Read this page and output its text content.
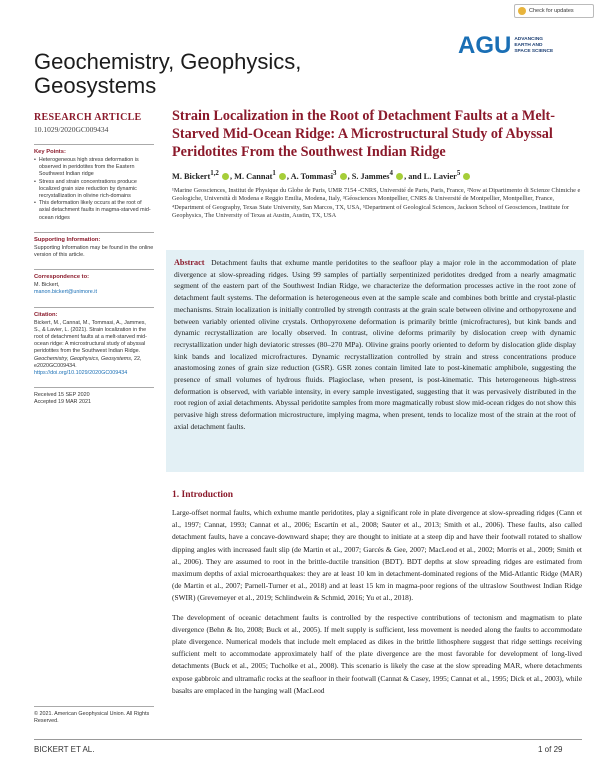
Check for updates
AGU ADVANCING
EARTH AND
SPACE SCIENCE
Geochemistry, Geophysics,
Geosystems
RESEARCH ARTICLE
10.1029/2020GC009434
Key Points:
• Heterogeneous high stress deformation is observed in peridotites from the Eastern Southwest Indian ridge
• Stress and strain concentrations produce localized grain size reduction by dynamic recrystallization in olivine rich-domains
• This deformation likely occurs at the root of axial detachment faults in magma-starved mid-ocean ridges
Supporting Information:
Supporting Information may be found in the online version of this article.
Correspondence to:
M. Bickert,
manon.bickert@unimore.it
Citation:
Bickert, M., Cannat, M., Tommasi, A., Jammes, S., & Lavier, L. (2021). Strain localization in the root of detachment faults at a melt-starved mid-ocean ridge: A microstructural study of abyssal peridotites from the Southwest Indian Ridge. Geochemistry, Geophysics, Geosystems, 22, e2020GC009434. https://doi.org/10.1029/2020GC009434
Received 15 SEP 2020
Accepted 19 MAR 2021
Strain Localization in the Root of Detachment Faults at a Melt-Starved Mid-Ocean Ridge: A Microstructural Study of Abyssal Peridotites From the Southwest Indian Ridge
M. Bickert$^{1,2}$ , M. Cannat$^1$ , A. Tommasi$^3$ , S. Jammes$^4$ , and L. Lavier$^5$
¹Marine Geosciences, Institut de Physique du Globe de Paris, UMR 7154 -CNRS, Université de Paris, Paris, France, ²Now at Dipartimento di Scienze Chimiche e Geologiche, Università di Modena e Reggio Emilia, Modena, Italy, ³Géosciences Montpellier, CNRS & Université de Montpellier, Montpellier, France, ⁴Department of Geography, Texas State University, San Marcos, TX, USA, ⁵Department of Geological Sciences, Jackson School of Geosciences, Institute for Geophysics, The University of Texas at Austin, Austin, TX, USA
Abstract Detachment faults that exhume mantle peridotites to the seafloor play a major role in the accommodation of plate divergence at slow-spreading ridges. Using 99 samples of partially serpentinized peridotites dredged from a nearly amagmatic segment of the eastern part of the Southwest Indian Ridge, we characterize the deformation processes active in the root zone of detachment fault systems. The deformation is heterogeneous even at the sample scale and combines both brittle and crystal-plastic mechanisms. Strain localization is initially controlled by strength contrasts at the grain scale between olivine and orthopyroxene and between variably oriented olivine crystals. Orthopyroxene deformation is primarily brittle (microfractures), but kink bands and dynamic recrystallization are locally observed. In contrast, olivine deforms primarily by dislocation creep with dynamic recrystallization under high deviatoric stresses (80–270 MPa). Olivine grains poorly oriented to deform by dislocation glide display kink bands and localized microfractures. Dynamic recrystallization controlled by strain and stress concentrations produce anastomosing zones of grain size reduction (GSR). GSR zones contain limited late to post-kinematic amphibole, suggesting the presence of small volumes of hydrous fluids. Plagioclase, when present, is post-kinematic. This heterogeneous high-stress deformation is observed, with variable intensity, in every sample investigated, suggesting that it was pervasively distributed in the root region of axial detachments. Abyssal peridotite samples from more magmatically robust slow mid-ocean ridges do not show this pervasive high stress deformation microstructure, implying magma, when present, tends to localize most of the strain at the root of axial detachment faults.
1. Introduction

Large-offset normal faults, which exhume mantle peridotites, play a significant role in plate divergence at slow-spreading ridges (Cann et al., 1997; Cannat, 1993; Cannat et al., 2006; Escartín et al., 2008; Sauter et al., 2013; Smith et al., 2006). These faults, also called detachment faults, have a concave-downward shape; they are thought to initiate at a steep dip and have their footwall rotated to shallow dipping angles with increased fault slip (de Martin et al., 2007; Garcés & Gee, 2007; MacLeod et al., 2002; Morris et al., 2009; Smith et al., 2006). They are assumed to root in the brittle-ductile transition (BDT). BDT depths at slow spreading ridges are estimated from maximum depths of axial microearthquakes: they are at least 10 km in detachment-dominated regions of the Mid-Atlantic Ridge (MAR) (de Martin et al., 2007; Parnell-Turner et al., 2018) and at least 15 km in magma-poor regions of the ultraslow Southwest Indian Ridge (SWIR) (Grevemeyer et al., 2019; Schlindwein & Schmid, 2016; Yu et al., 2018).

The development of oceanic detachment faults is controlled by the respective contributions of tectonism and magmatism to plate divergence (Behn & Ito, 2008; Buck et al., 2005). If melt supply is sufficient, less movement is needed along the faults to accommodate plate divergence. Numerical models that include melt emplaced as dikes in the brittle lithosphere suggest that ridge settings receiving sufficient melt to accommodate approximately half of the plate divergence are the most favorable for development of long-lived detachments (Buck et al., 2005; Tucholke et al., 2008). This scenario is likely the case at the slow spreading MAR, where detachments expose gabbroic and ultramafic rocks at the seafloor in their footwall (Cannat & Casey, 1995; Cannat et al., 1995; Dick et al., 2003), while basalts are emplaced in the hanging wall (MacLeod

© 2021. American Geophysical Union. All Rights Reserved.
BICKERT ET AL.	1 of 29
